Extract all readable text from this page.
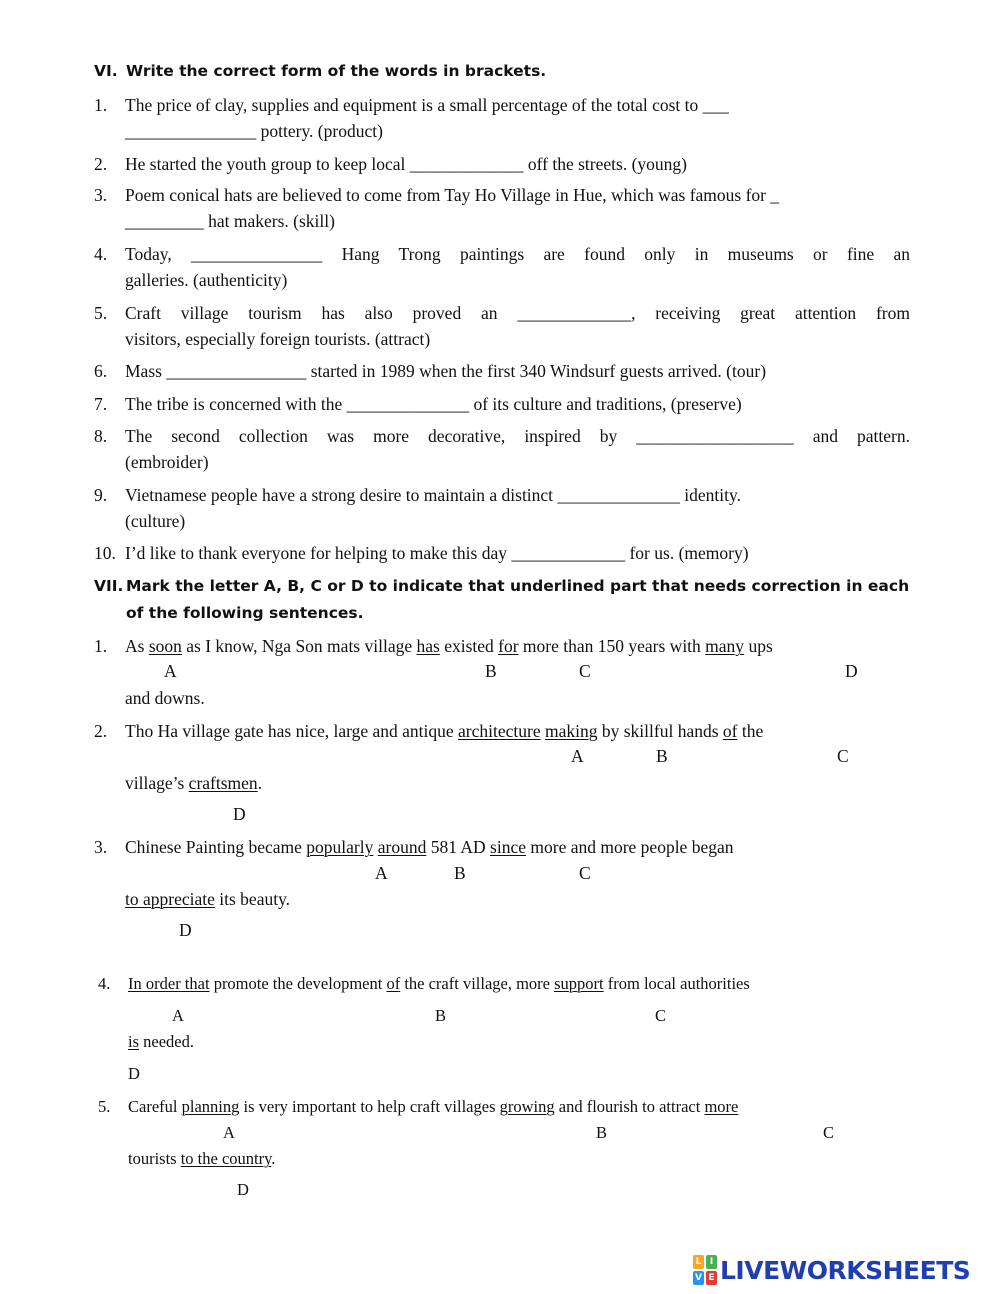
VI. Write the correct form of the words in brackets.
1. The price of clay, supplies and equipment is a small percentage of the total cost to ___
_______________ pottery. (product)
2. He started the youth group to keep local _____________ off the streets. (young)
3. Poem conical hats are believed to come from Tay Ho Village in Hue, which was famous for _
_________ hat makers. (skill)
4. Today, _______________ Hang Trong paintings are found only in museums or fine an
galleries. (authenticity)
5. Craft village tourism has also proved an _____________, receiving great attention from
visitors, especially foreign tourists. (attract)
6. Mass ________________ started in 1989 when the first 340 Windsurf guests arrived. (tour)
7. The tribe is concerned with the ______________ of its culture and traditions, (preserve)
8. The second collection was more decorative, inspired by __________________ and pattern.
(embroider)
9. Vietnamese people have a strong desire to maintain a distinct ______________ identity.
(culture)
10. I’d like to thank everyone for helping to make this day _____________ for us. (memory)
VII. Mark the letter A, B, C or D to indicate that underlined part that needs correction in each
of the following sentences.
1. As soon as I know, Nga Son mats village has existed for more than 150 years with many ups
A	B	C	D
and downs.
2. Tho Ha village gate has nice, large and antique architecture making by skillful hands of the
A	B	C
village’s craftsmen.
D
3. Chinese Painting became popularly around 581 AD since more and more people began
A	B	C
to appreciate its beauty.
D
4. In order that promote the development of the craft village, more support from local authorities
A	B	C
is needed.
D
5. Careful planning is very important to help craft villages growing and flourish to attract more
A	B	C
tourists to the country.
D
L I
V E LIVEWORKSHEETS
